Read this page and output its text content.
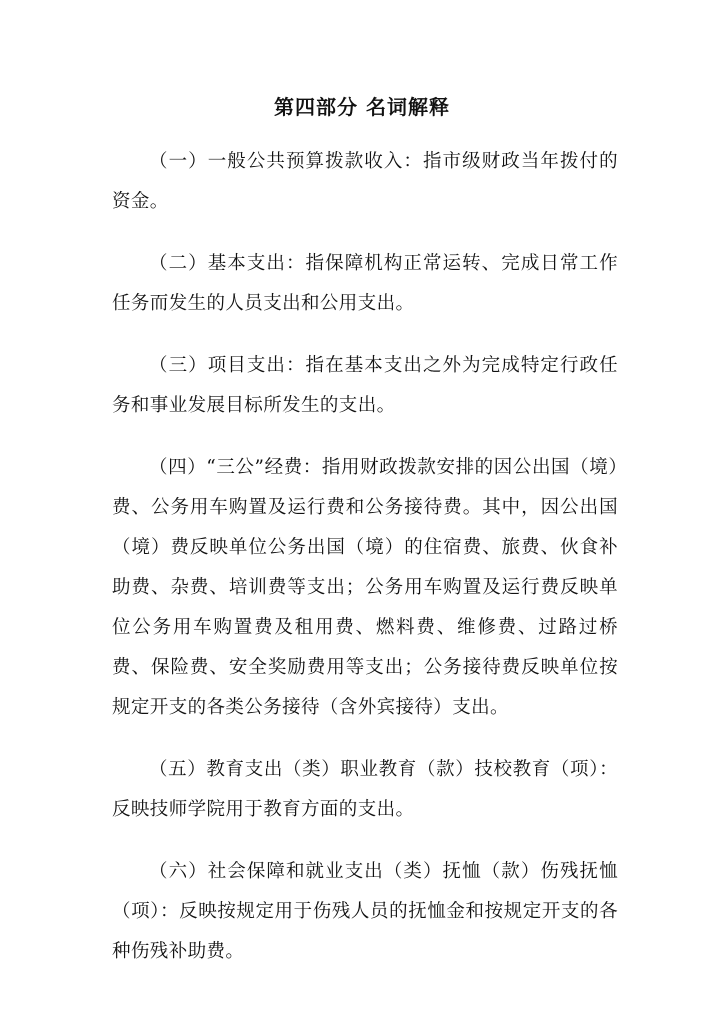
第四部分 名词解释

（一）一般公共预算拨款收入：指市级财政当年拨付的资金。

（二）基本支出：指保障机构正常运转、完成日常工作任务而发生的人员支出和公用支出。

（三）项目支出：指在基本支出之外为完成特定行政任务和事业发展目标所发生的支出。

（四）“三公”经费：指用财政拨款安排的因公出国（境）费、公务用车购置及运行费和公务接待费。其中，因公出国（境）费反映单位公务出国（境）的住宿费、旅费、伙食补助费、杂费、培训费等支出；公务用车购置及运行费反映单位公务用车购置费及租用费、燃料费、维修费、过路过桥费、保险费、安全奖励费用等支出；公务接待费反映单位按规定开支的各类公务接待（含外宾接待）支出。

（五）教育支出（类）职业教育（款）技校教育（项）：反映技师学院用于教育方面的支出。

（六）社会保障和就业支出（类）抚恤（款）伤残抚恤（项）：反映按规定用于伤残人员的抚恤金和按规定开支的各种伤残补助费。
